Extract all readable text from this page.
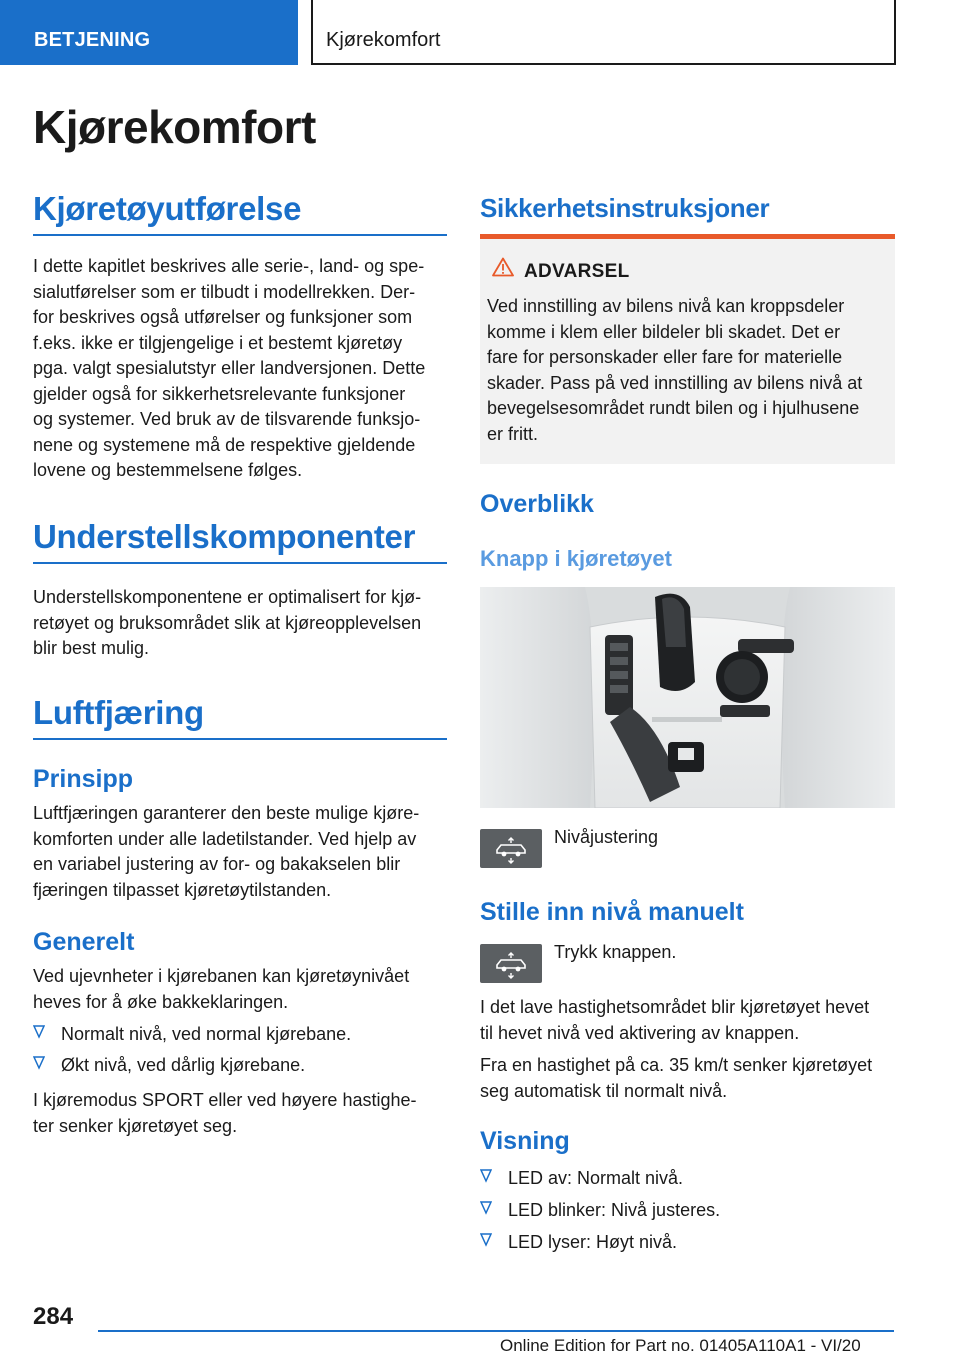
BETJENING	Kjørekomfort
Kjørekomfort
Kjøretøyutførelse
I dette kapitlet beskrives alle serie-, land- og spe-
sialutførelser som er tilbudt i modellrekken. Der-
for beskrives også utførelser og funksjoner som
f.eks. ikke er tilgjengelige i et bestemt kjøretøy
pga. valgt spesialutstyr eller landversjonen. Dette
gjelder også for sikkerhetsrelevante funksjoner
og systemer. Ved bruk av de tilsvarende funksjo-
nene og systemene må de respektive gjeldende
lovene og bestemmelsene følges.
Understellskomponenter
Understellskomponentene er optimalisert for kjø-
retøyet og bruksområdet slik at kjøreopplevelsen
blir best mulig.
Luftfjæring
Prinsipp
Luftfjæringen garanterer den beste mulige kjøre-
komforten under alle ladetilstander. Ved hjelp av
en variabel justering av for- og bakakselen blir
fjæringen tilpasset kjøretøytilstanden.
Generelt
Ved ujevnheter i kjørebanen kan kjøretøynivået
heves for å øke bakkeklaringen.
Normalt nivå, ved normal kjørebane.
Økt nivå, ved dårlig kjørebane.
I kjøremodus SPORT eller ved høyere hastighe-
ter senker kjøretøyet seg.
Sikkerhetsinstruksjoner
ADVARSEL
Ved innstilling av bilens nivå kan kroppsdeler
komme i klem eller bildeler bli skadet. Det er
fare for personskader eller fare for materielle
skader. Pass på ved innstilling av bilens nivå at
bevegelsesområdet rundt bilen og i hjulhusene
er fritt.
Overblikk
Knapp i kjøretøyet
Nivåjustering
Stille inn nivå manuelt
Trykk knappen.
I det lave hastighetsområdet blir kjøretøyet hevet
til hevet nivå ved aktivering av knappen.
Fra en hastighet på ca. 35 km/t senker kjøretøyet
seg automatisk til normalt nivå.
Visning
LED av: Normalt nivå.
LED blinker: Nivå justeres.
LED lyser: Høyt nivå.
284
Online Edition for Part no. 01405A110A1 - VI/20
